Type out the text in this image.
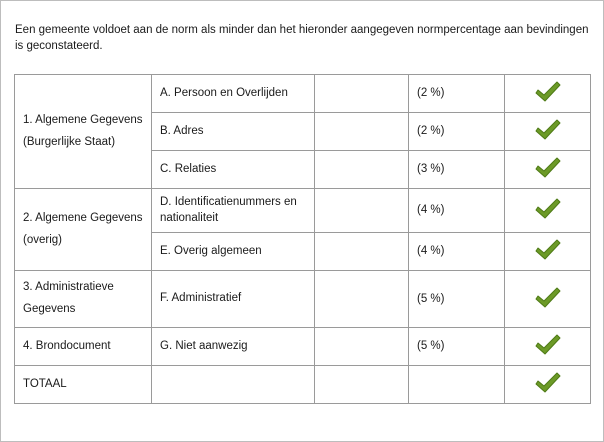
Een gemeente voldoet aan de norm als minder dan het hieronder aangegeven normpercentage aan bevindingen is geconstateerd.

1. Algemene Gegevens
(Burgerlijke Staat)	A. Persoon en Overlijden		(2 %)	

	B. Adres		(2 %)	

	C. Relaties		(3 %)	

2. Algemene Gegevens
(overig)	D. Identificatienummers en nationaliteit		(4 %)	

	E. Overig algemeen		(4 %)	

3. Administratieve
Gegevens	F. Administratief		(5 %)	

4. Brondocument	G. Niet aanwezig		(5 %)	

TOTAAL				
